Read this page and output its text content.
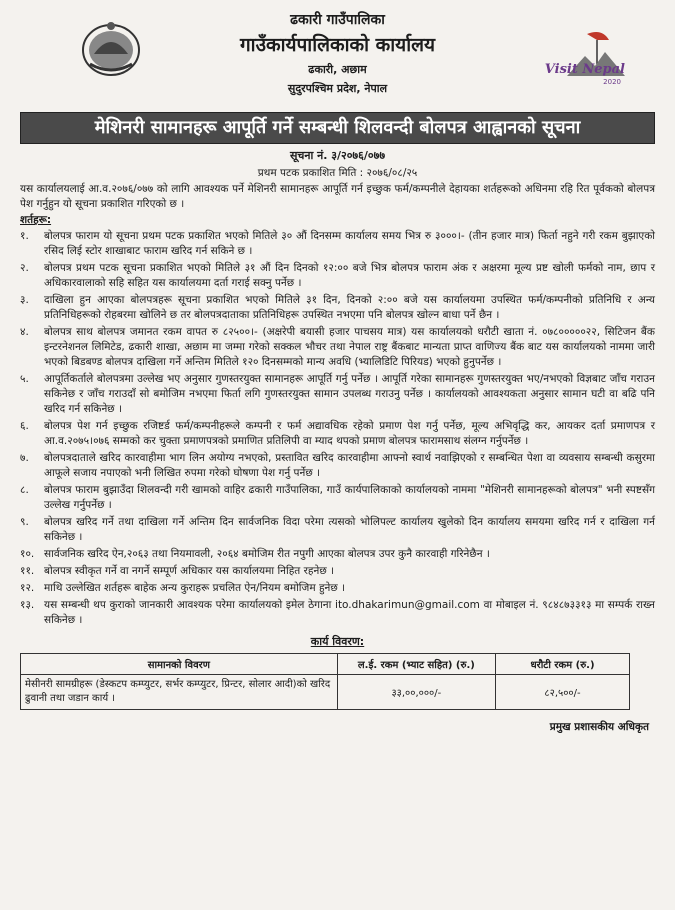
ढकारी गाउँपालिका
गाउँकार्यपालिकाको कार्यालय
ढकारी, अछाम
सुदुरपश्चिम प्रदेश, नेपाल
Visit Nepal
2020
मेशिनरी सामानहरू आपूर्ति गर्ने सम्बन्धी शिलवन्दी बोलपत्र आह्वानको सूचना
सूचना नं. ३/२०७६/०७७
प्रथम पटक प्रकाशित मिति : २०७६/०८/२५
यस कार्यालयलाई आ.व.२०७६/०७७ को लागि आवश्यक पर्ने मेशिनरी सामानहरू आपूर्ति गर्न इच्छुक फर्म/कम्पनीले देहायका शर्तहरूको अधिनमा रहि रित पूर्वकको बोलपत्र पेश गर्नुहुन यो सूचना प्रकाशित गरिएको छ ।
शर्तहरू:
१.	बोलपत्र फाराम यो सूचना प्रथम पटक प्रकाशित भएको मितिले ३० औं दिनसम्म कार्यालय समय भित्र रु ३०००।- (तीन हजार मात्र) फिर्ता नहुने गरी रकम बुझाएको रसिद लिई स्टोर शाखाबाट फाराम खरिद गर्न सकिने छ ।
२.	बोलपत्र प्रथम पटक सूचना प्रकाशित भएको मितिले ३१ औं दिन दिनको १२:०० बजे भित्र बोलपत्र फाराम अंक र अक्षरमा मूल्य प्रष्ट खोली फर्मको नाम, छाप र अधिकारवालाको सहि सहित यस कार्यालयमा दर्ता गराई सक्नु पर्नेछ ।
३.	दाखिला हुन आएका बोलपत्रहरू सूचना प्रकाशित भएको मितिले ३१ दिन, दिनको २:०० बजे यस कार्यालयमा उपस्थित फर्म/कम्पनीको प्रतिनिधि र अन्य प्रतिनिधिहरूको रोहबरमा खोलिने छ तर बोलपत्रदाताका प्रतिनिधिहरू उपस्थित नभएमा पनि बोलपत्र खोल्न बाधा पर्ने छैन ।
४.	बोलपत्र साथ बोलपत्र जमानत रकम वापत रु ८२५००।- (अक्षरेपी बयासी हजार पाचसय मात्र) यस कार्यालयको धरौटी खाता नं. ०७८०००००२२, सिटिजन बैंक इन्टरनेशनल लिमिटेड, ढकारी शाखा, अछाम मा जम्मा गरेको सक्कल भौचर तथा नेपाल राष्ट्र बैंकबाट मान्यता प्राप्त वाणिज्य बैंक बाट यस कार्यालयको नाममा जारी भएको बिडबण्ड बोलपत्र दाखिला गर्ने अन्तिम मितिले १२० दिनसम्मको मान्य अवधि (भ्यालिडिटि पिरियड) भएको हुनुपर्नेछ ।
५.	आपूर्तिकर्ताले बोलपत्रमा उल्लेख भए अनुसार गुणस्तरयुक्त सामानहरू आपूर्ति गर्नु पर्नेछ । आपूर्ति गरेका सामानहरू गुणस्तरयुक्त भए/नभएको विज्ञबाट जाँच गराउन सकिनेछ र जाँच गराउदाँ सो बमोजिम नभएमा फिर्ता लगि गुणस्तरयुक्त सामान उपलब्ध गराउनु पर्नेछ । कार्यालयको आवश्यकता अनुसार सामान घटी वा बढि पनि खरिद गर्न सकिनेछ ।
६.	बोलपत्र पेश गर्न इच्छुक रजिष्टर्ड फर्म/कम्पनीहरूले कम्पनी र फर्म अद्यावधिक रहेको प्रमाण पेश गर्नु पर्नेछ, मूल्य अभिवृद्धि कर, आयकर दर्ता प्रमाणपत्र र आ.व.२०७५।०७६ सम्मको कर चुक्ता प्रमाणपत्रको प्रमाणित प्रतिलिपी वा म्याद थपको प्रमाण बोलपत्र फारामसाथ संलग्न गर्नुपर्नेछ ।
७.	बोलपत्रदाताले खरिद कारवाहीमा भाग लिन अयोग्य नभएको, प्रस्तावित खरिद कारवाहीमा आफ्नो स्वार्थ नवाझिएको र सम्बन्धित पेशा वा व्यवसाय सम्बन्धी कसुरमा आफूले सजाय नपाएको भनी लिखित रुपमा गरेको घोषणा पेश गर्नु पर्नेछ ।
८.	बोलपत्र फाराम बुझाउँदा शिलवन्दी गरी खामको वाहिर ढकारी गाउँपालिका, गाउँ कार्यपालिकाको कार्यालयको नाममा "मेशिनरी सामानहरूको बोलपत्र" भनी स्पष्टसँग उल्लेख गर्नुपर्नेछ ।
९.	बोलपत्र खरिद गर्ने तथा दाखिला गर्ने अन्तिम दिन सार्वजनिक विदा परेमा त्यसको भोलिपल्ट कार्यालय खुलेको दिन कार्यालय समयमा खरिद गर्न र दाखिला गर्न सकिनेछ ।
१०. सार्वजनिक खरिद ऐन,२०६३ तथा नियमावली, २०६४ बमोजिम रीत नपुगी आएका बोलपत्र उपर कुनै कारवाही गरिनेछैन ।
११. बोलपत्र स्वीकृत गर्ने वा नगर्ने सम्पूर्ण अधिकार यस कार्यालयमा निहित रहनेछ ।
१२. माथि उल्लेखित शर्तहरू बाहेक अन्य कुराहरू प्रचलित ऐन/नियम बमोजिम हुनेछ ।
१३. यस सम्बन्धी थप कुराको जानकारी आवश्यक परेमा कार्यालयको इमेल ठेगाना ito.dhakarimun@gmail.com वा मोबाइल नं. ९८४८७३३१३ मा सम्पर्क राख्न सकिनेछ ।
कार्य विवरण:
सामानको विवरण	ल.ई. रकम (भ्याट सहित) (रु.)	धरौटी रकम (रु.)
मेसीनरी सामग्रीहरू (डेस्कटप कम्प्युटर, सर्भर कम्प्युटर, प्रिन्टर, सोलार आदी)को खरिद ढुवानी तथा जडान कार्य ।	३३,००,०००/-	८२,५००/-
प्रमुख प्रशासकीय अधिकृत
